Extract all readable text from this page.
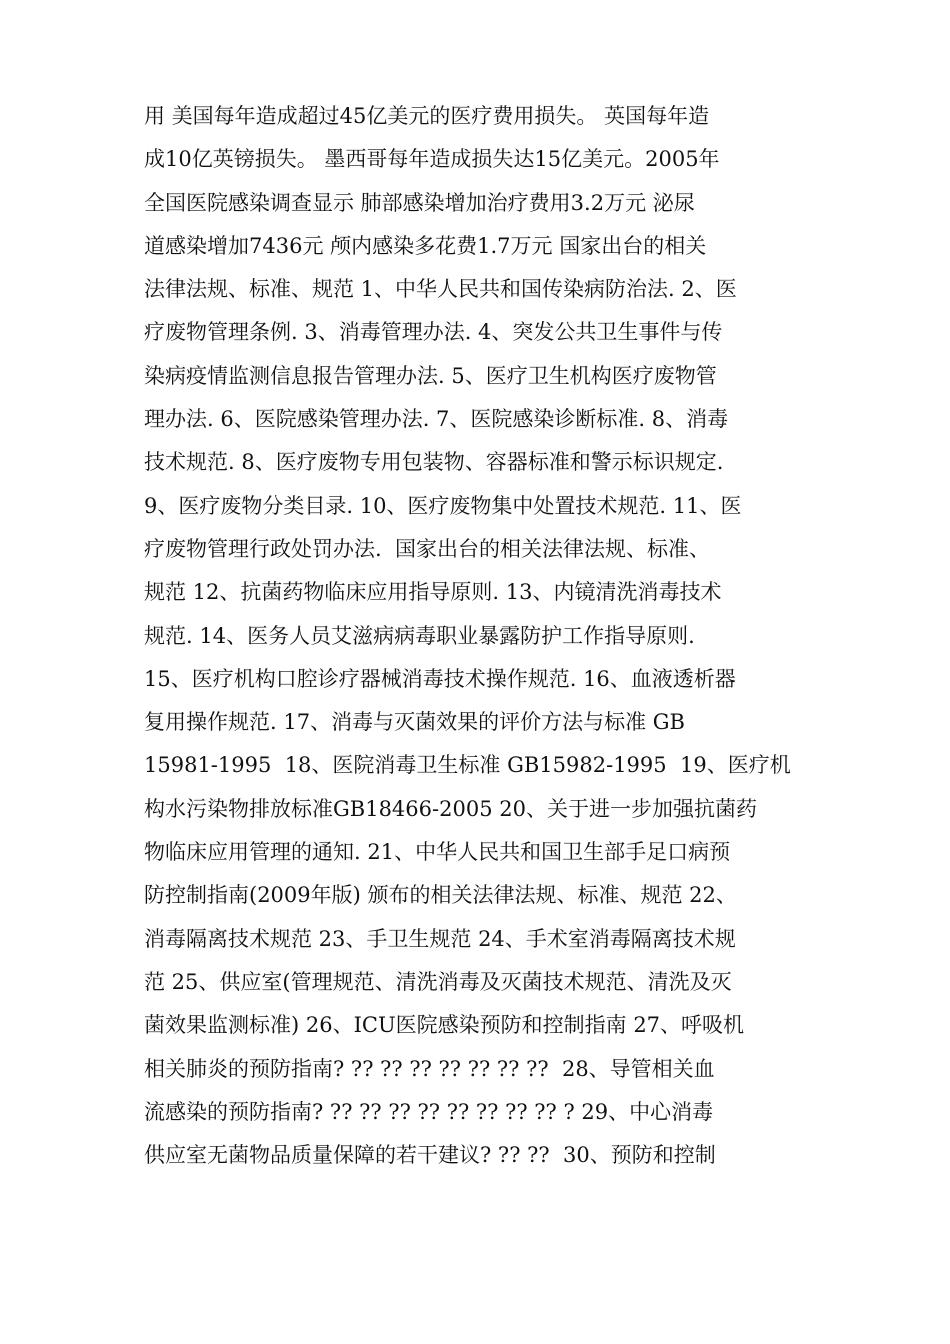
用 美国每年造成超过45亿美元的医疗费用损失。 英国每年造
成10亿英镑损失。 墨西哥每年造成损失达15亿美元。2005年
全国医院感染调查显示 肺部感染增加治疗费用3.2万元 泌尿
道感染增加7436元 颅内感染多花费1.7万元 国家出台的相关
法律法规、标准、规范 1、中华人民共和国传染病防治法. 2、医
疗废物管理条例. 3、消毒管理办法. 4、突发公共卫生事件与传
染病疫情监测信息报告管理办法. 5、医疗卫生机构医疗废物管
理办法. 6、医院感染管理办法. 7、医院感染诊断标准. 8、消毒
技术规范. 8、医疗废物专用包装物、容器标准和警示标识规定.
9、医疗废物分类目录. 10、医疗废物集中处置技术规范. 11、医
疗废物管理行政处罚办法.  国家出台的相关法律法规、标准、
规范 12、抗菌药物临床应用指导原则. 13、内镜清洗消毒技术
规范. 14、医务人员艾滋病病毒职业暴露防护工作指导原则.
15、医疗机构口腔诊疗器械消毒技术操作规范. 16、血液透析器
复用操作规范. 17、消毒与灭菌效果的评价方法与标准 GB
15981-1995  18、医院消毒卫生标准 GB15982-1995  19、医疗机
构水污染物排放标准GB18466-2005 20、关于进一步加强抗菌药
物临床应用管理的通知. 21、中华人民共和国卫生部手足口病预
防控制指南(2009年版) 颁布的相关法律法规、标准、规范 22、
消毒隔离技术规范 23、手卫生规范 24、手术室消毒隔离技术规
范 25、供应室(管理规范、清洗消毒及灭菌技术规范、清洗及灭
菌效果监测标准) 26、ICU医院感染预防和控制指南 27、呼吸机
相关肺炎的预防指南? ?? ?? ?? ?? ?? ?? ??  28、导管相关血
流感染的预防指南? ?? ?? ?? ?? ?? ?? ?? ?? ? 29、中心消毒
供应室无菌物品质量保障的若干建议? ?? ??  30、预防和控制
